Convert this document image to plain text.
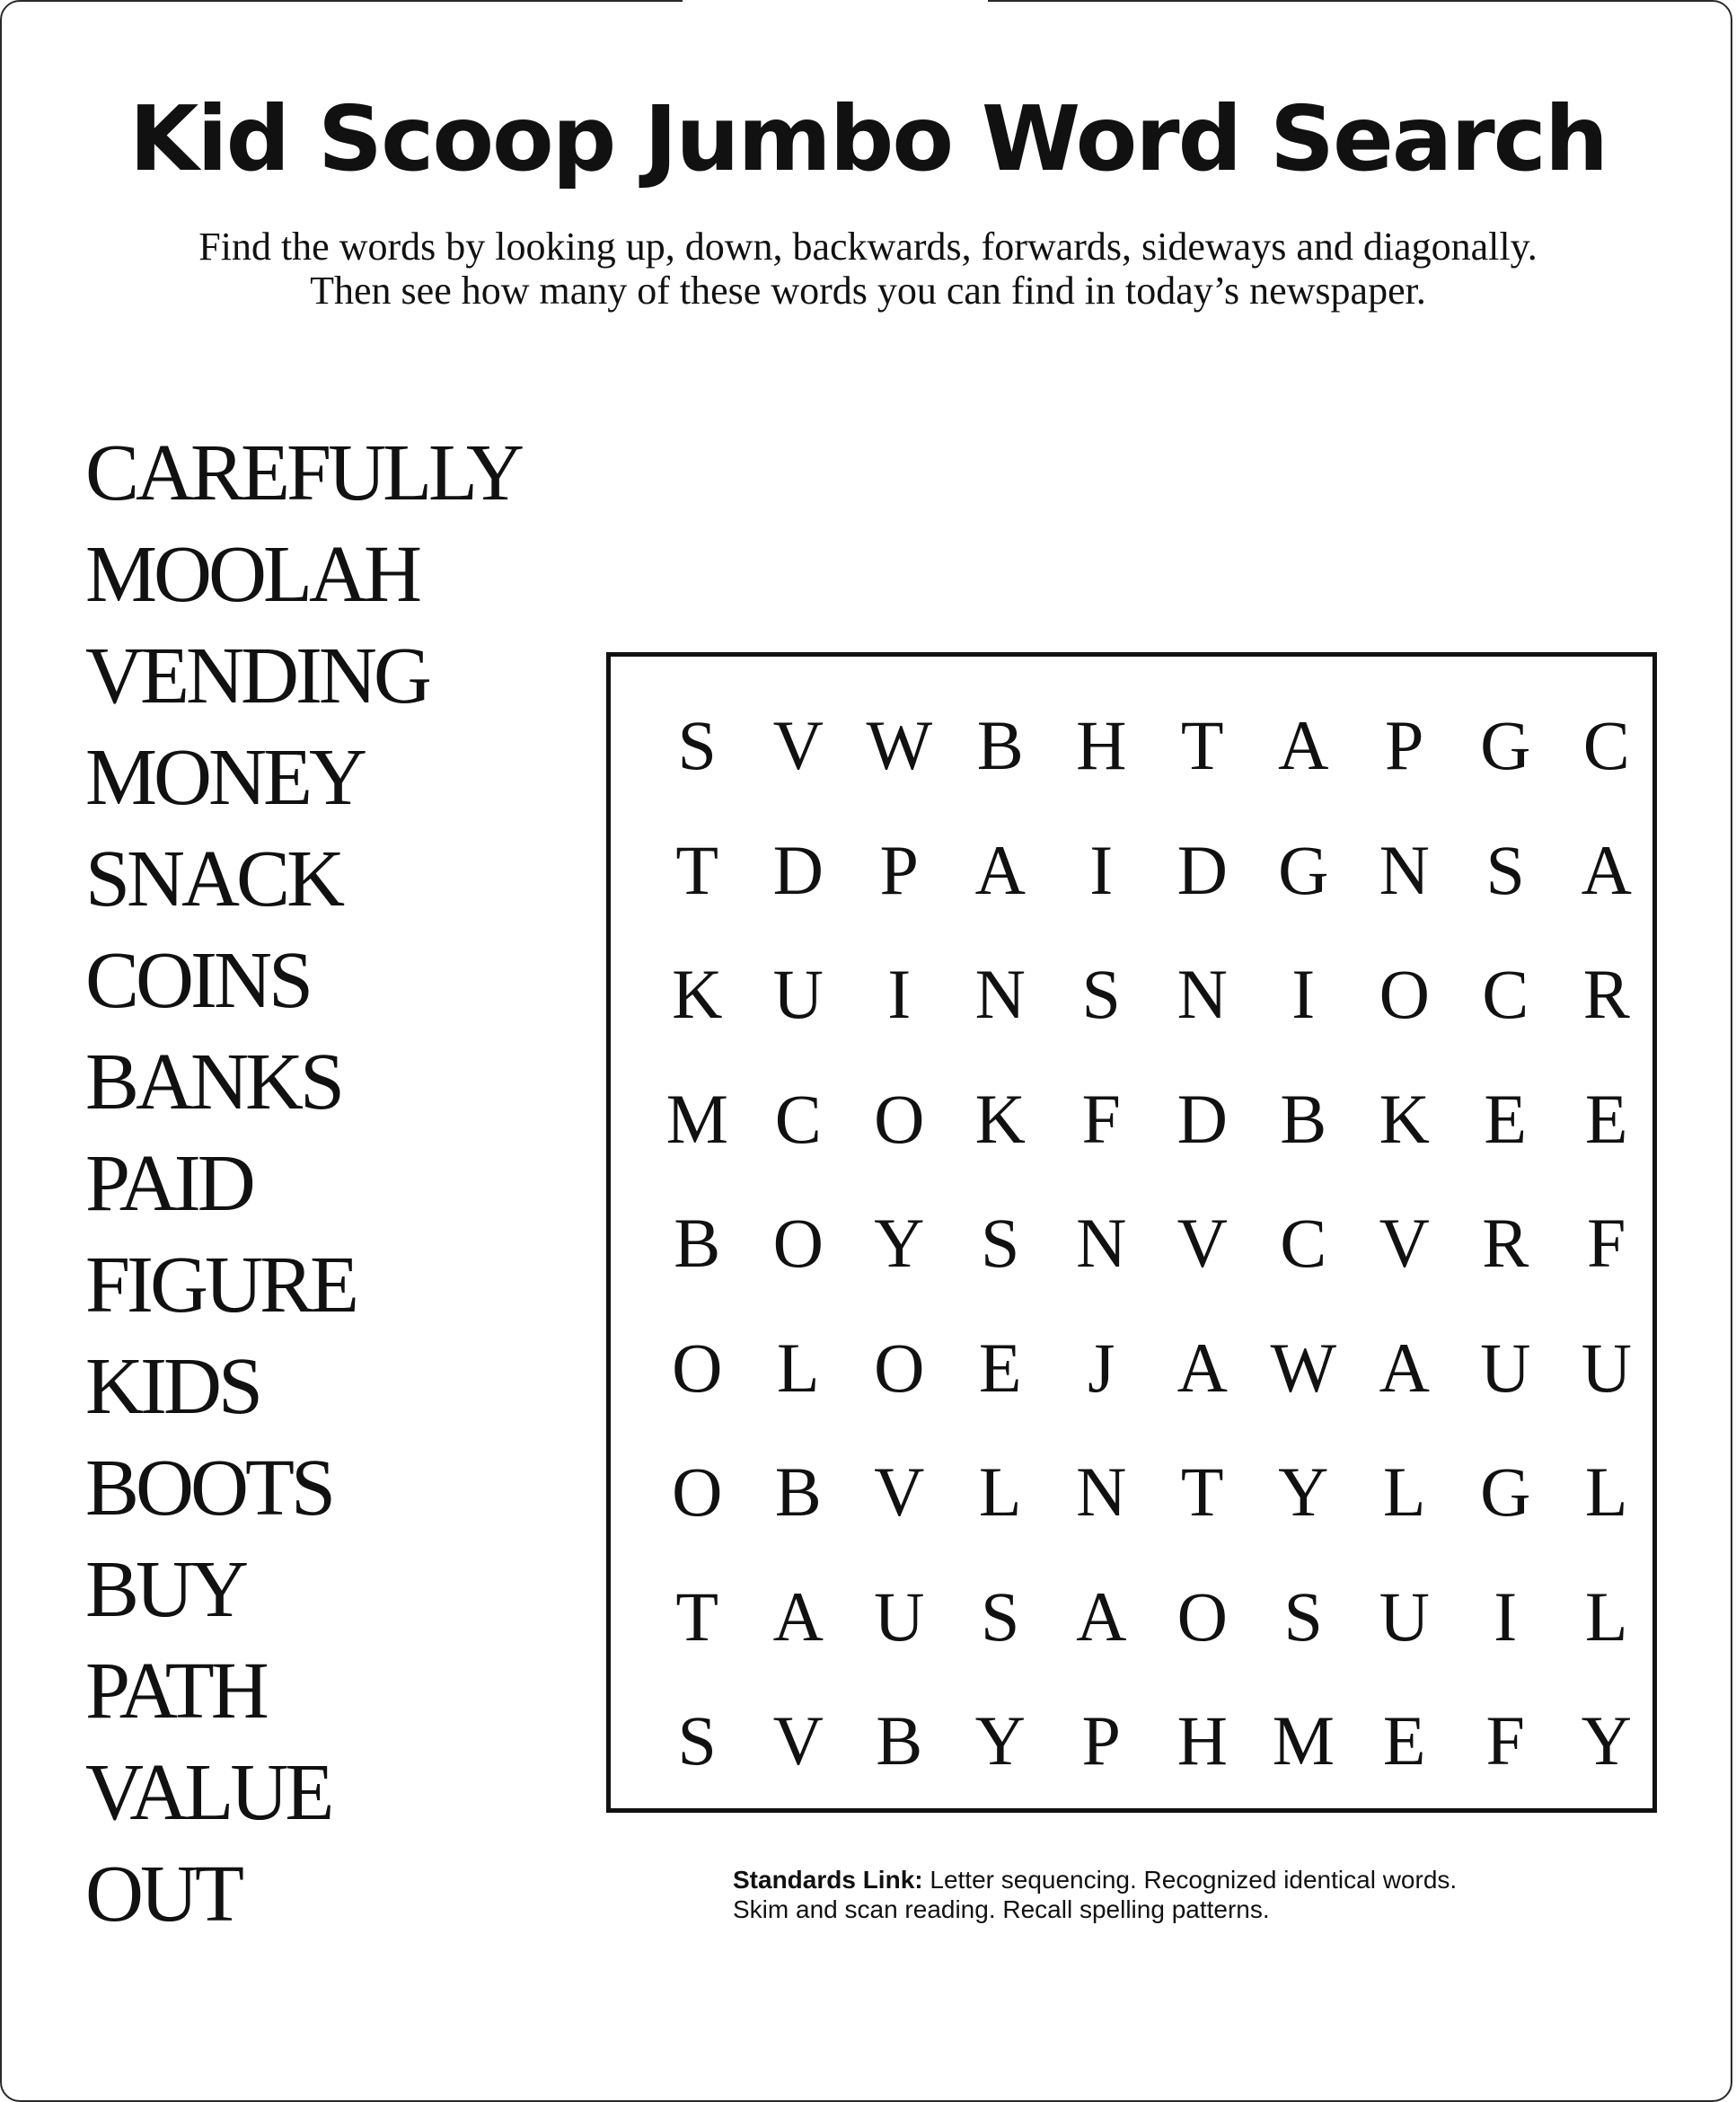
Kid Scoop Jumbo Word Search
Find the words by looking up, down, backwards, forwards, sideways and diagonally.
Then see how many of these words you can find in today’s newspaper.
CAREFULLY
MOOLAH
VENDING
MONEY
SNACK
COINS
BANKS
PAID
FIGURE
KIDS
BOOTS
BUY
PATH
VALUE
OUT
S V W B H T A P G C
T D P A I D G N S A
K U I N S N I O C R
M C O K F D B K E E
B O Y S N V C V R F
O L O E J A W A U U
O B V L N T Y L G L
T A U S A O S U I L
S V B Y P H M E F Y
Standards Link: Letter sequencing. Recognized identical words.
Skim and scan reading. Recall spelling patterns.
